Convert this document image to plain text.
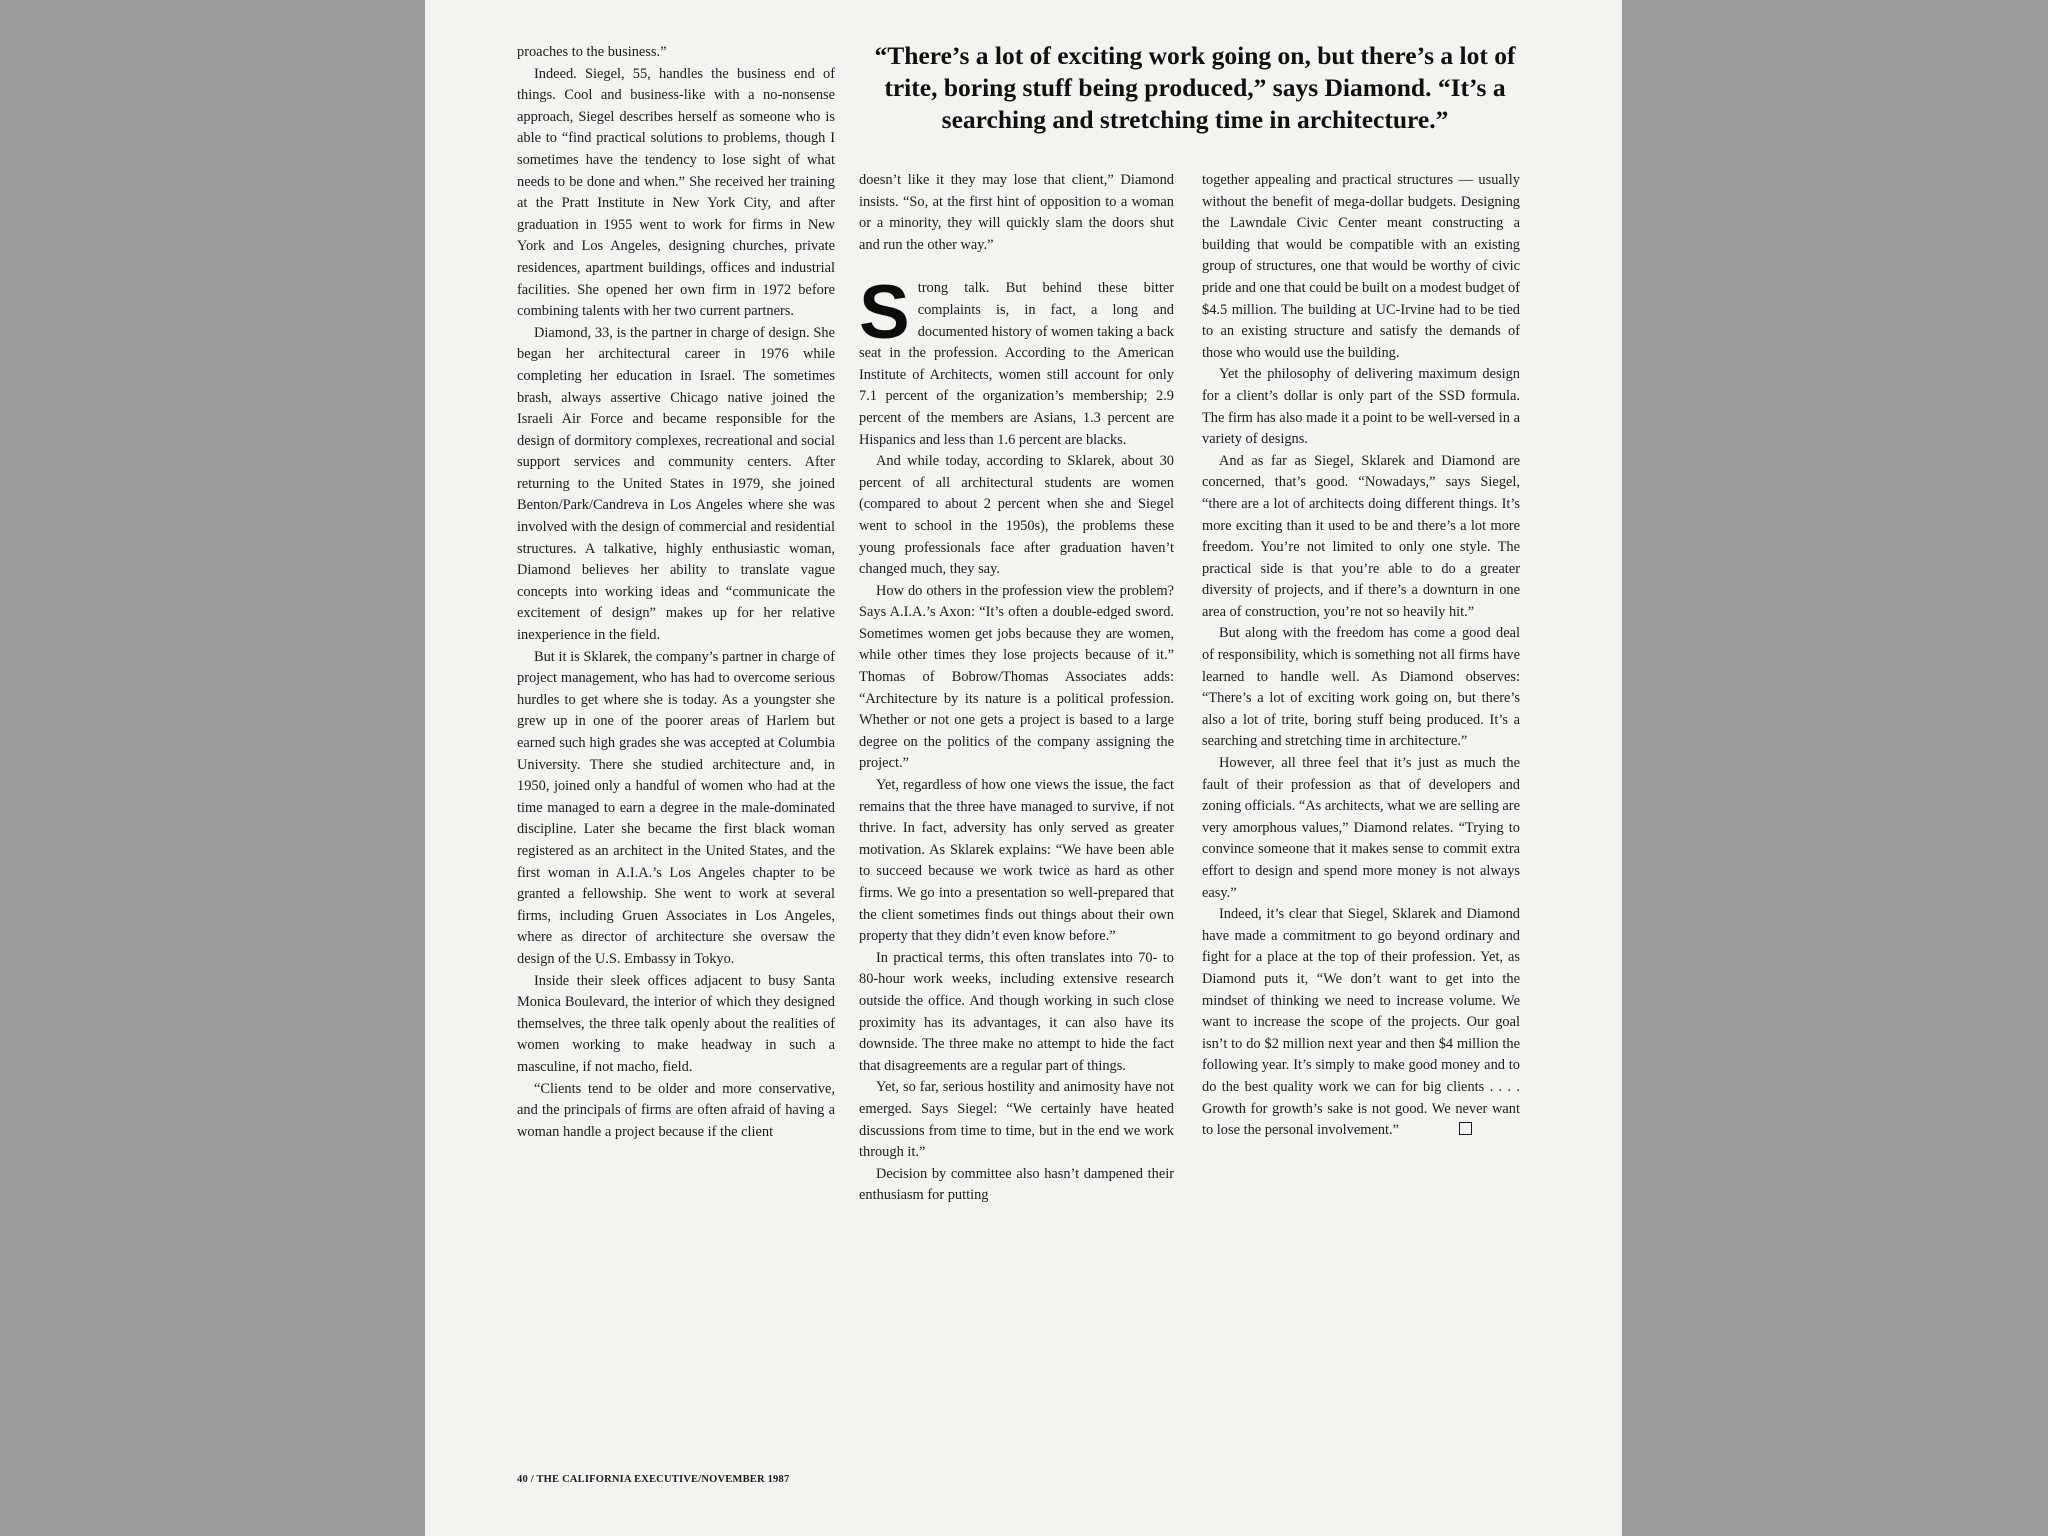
proaches to the business.”

Indeed. Siegel, 55, handles the business end of things. Cool and business-like with a no-nonsense approach, Siegel describes herself as someone who is able to “find practical solutions to problems, though I sometimes have the tendency to lose sight of what needs to be done and when.” She received her training at the Pratt Institute in New York City, and after graduation in 1955 went to work for firms in New York and Los Angeles, designing churches, private residences, apartment buildings, offices and industrial facilities. She opened her own firm in 1972 before combining talents with her two current partners.

Diamond, 33, is the partner in charge of design. She began her architectural career in 1976 while completing her education in Israel. The sometimes brash, always assertive Chicago native joined the Israeli Air Force and became responsible for the design of dormitory complexes, recreational and social support services and community centers. After returning to the United States in 1979, she joined Benton/Park/Candreva in Los Angeles where she was involved with the design of commercial and residential structures. A talkative, highly enthusiastic woman, Diamond believes her ability to translate vague concepts into working ideas and “communicate the excitement of design” makes up for her relative inexperience in the field.

But it is Sklarek, the company’s partner in charge of project management, who has had to overcome serious hurdles to get where she is today. As a youngster she grew up in one of the poorer areas of Harlem but earned such high grades she was accepted at Columbia University. There she studied architecture and, in 1950, joined only a handful of women who had at the time managed to earn a degree in the male-dominated discipline. Later she became the first black woman registered as an architect in the United States, and the first woman in A.I.A.’s Los Angeles chapter to be granted a fellowship. She went to work at several firms, including Gruen Associates in Los Angeles, where as director of architecture she oversaw the design of the U.S. Embassy in Tokyo.

Inside their sleek offices adjacent to busy Santa Monica Boulevard, the interior of which they designed themselves, the three talk openly about the realities of women working to make headway in such a masculine, if not macho, field.

“Clients tend to be older and more conservative, and the principals of firms are often afraid of having a woman handle a project because if the client

“There’s a lot of exciting work going on, but there’s a lot of trite, boring stuff being produced,” says Diamond. “It’s a searching and stretching time in architecture.”

doesn’t like it they may lose that client,” Diamond insists. “So, at the first hint of opposition to a woman or a minority, they will quickly slam the doors shut and run the other way.”

Strong talk. But behind these bitter complaints is, in fact, a long and documented history of women taking a back seat in the profession. According to the American Institute of Architects, women still account for only 7.1 percent of the organization’s membership; 2.9 percent of the members are Asians, 1.3 percent are Hispanics and less than 1.6 percent are blacks.

And while today, according to Sklarek, about 30 percent of all architectural students are women (compared to about 2 percent when she and Siegel went to school in the 1950s), the problems these young professionals face after graduation haven’t changed much, they say.

How do others in the profession view the problem? Says A.I.A.’s Axon: “It’s often a double-edged sword. Sometimes women get jobs because they are women, while other times they lose projects because of it.” Thomas of Bobrow/Thomas Associates adds: “Architecture by its nature is a political profession. Whether or not one gets a project is based to a large degree on the politics of the company assigning the project.”

Yet, regardless of how one views the issue, the fact remains that the three have managed to survive, if not thrive. In fact, adversity has only served as greater motivation. As Sklarek explains: “We have been able to succeed because we work twice as hard as other firms. We go into a presentation so well-prepared that the client sometimes finds out things about their own property that they didn’t even know before.”

In practical terms, this often translates into 70- to 80-hour work weeks, including extensive research outside the office. And though working in such close proximity has its advantages, it can also have its downside. The three make no attempt to hide the fact that disagreements are a regular part of things.

Yet, so far, serious hostility and animosity have not emerged. Says Siegel: “We certainly have heated discussions from time to time, but in the end we work through it.”

Decision by committee also hasn’t dampened their enthusiasm for putting

together appealing and practical structures — usually without the benefit of mega-dollar budgets. Designing the Lawndale Civic Center meant constructing a building that would be compatible with an existing group of structures, one that would be worthy of civic pride and one that could be built on a modest budget of $4.5 million. The building at UC-Irvine had to be tied to an existing structure and satisfy the demands of those who would use the building.

Yet the philosophy of delivering maximum design for a client’s dollar is only part of the SSD formula. The firm has also made it a point to be well-versed in a variety of designs.

And as far as Siegel, Sklarek and Diamond are concerned, that’s good. “Nowadays,” says Siegel, “there are a lot of architects doing different things. It’s more exciting than it used to be and there’s a lot more freedom. You’re not limited to only one style. The practical side is that you’re able to do a greater diversity of projects, and if there’s a downturn in one area of construction, you’re not so heavily hit.”

But along with the freedom has come a good deal of responsibility, which is something not all firms have learned to handle well. As Diamond observes: “There’s a lot of exciting work going on, but there’s also a lot of trite, boring stuff being produced. It’s a searching and stretching time in architecture.”

However, all three feel that it’s just as much the fault of their profession as that of developers and zoning officials. “As architects, what we are selling are very amorphous values,” Diamond relates. “Trying to convince someone that it makes sense to commit extra effort to design and spend more money is not always easy.”

Indeed, it’s clear that Siegel, Sklarek and Diamond have made a commitment to go beyond ordinary and fight for a place at the top of their profession. Yet, as Diamond puts it, “We don’t want to get into the mindset of thinking we need to increase volume. We want to increase the scope of the projects. Our goal isn’t to do $2 million next year and then $4 million the following year. It’s simply to make good money and to do the best quality work we can for big clients . . . . Growth for growth’s sake is not good. We never want to lose the personal involvement.”

40 / THE CALIFORNIA EXECUTIVE/NOVEMBER 1987
